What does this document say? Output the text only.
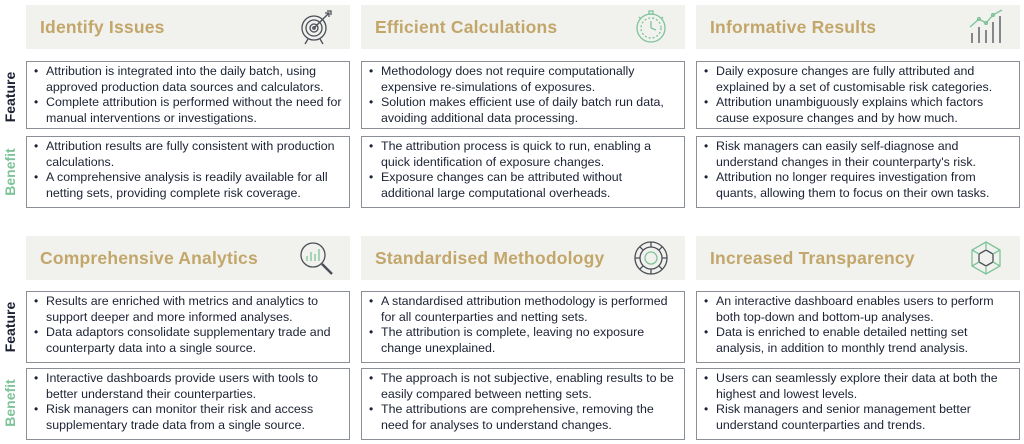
Feature
Benefit
Feature
Benefit
Identify Issues
• Attribution is integrated into the daily batch, using approved production data sources and calculators.
• Complete attribution is performed without the need for manual interventions or investigations.
• Attribution results are fully consistent with production calculations.
• A comprehensive analysis is readily available for all netting sets, providing complete risk coverage.
Efficient Calculations
• Methodology does not require computationally expensive re-simulations of exposures.
• Solution makes efficient use of daily batch run data, avoiding additional data processing.
• The attribution process is quick to run, enabling a quick identification of exposure changes.
• Exposure changes can be attributed without additional large computational overheads.
Informative Results
• Daily exposure changes are fully attributed and explained by a set of customisable risk categories.
• Attribution unambiguously explains which factors cause exposure changes and by how much.
• Risk managers can easily self-diagnose and understand changes in their counterparty's risk.
• Attribution no longer requires investigation from quants, allowing them to focus on their own tasks.
Comprehensive Analytics
• Results are enriched with metrics and analytics to support deeper and more informed analyses.
• Data adaptors consolidate supplementary trade and counterparty data into a single source.
• Interactive dashboards provide users with tools to better understand their counterparties.
• Risk managers can monitor their risk and access supplementary trade data from a single source.
Standardised Methodology
• A standardised attribution methodology is performed for all counterparties and netting sets.
• The attribution is complete, leaving no exposure change unexplained.
• The approach is not subjective, enabling results to be easily compared between netting sets.
• The attributions are comprehensive, removing the need for analyses to understand changes.
Increased Transparency
• An interactive dashboard enables users to perform both top-down and bottom-up analyses.
• Data is enriched to enable detailed netting set analysis, in addition to monthly trend analysis.
• Users can seamlessly explore their data at both the highest and lowest levels.
• Risk managers and senior management better understand counterparties and trends.
